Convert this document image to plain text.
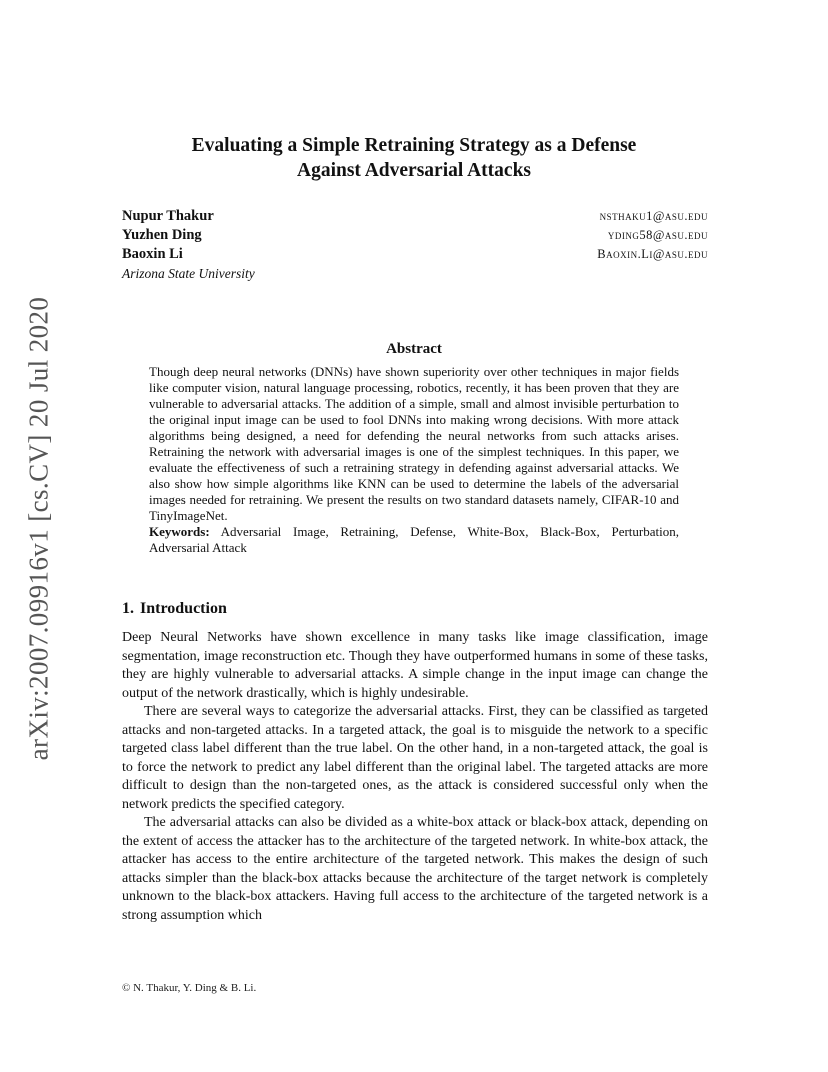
arXiv:2007.09916v1 [cs.CV] 20 Jul 2020
Evaluating a Simple Retraining Strategy as a Defense
Against Adversarial Attacks
Nupur Thakur	nsthaku1@asu.edu
Yuzhen Ding	yding58@asu.edu
Baoxin Li	Baoxin.Li@asu.edu
Arizona State University
Abstract

Though deep neural networks (DNNs) have shown superiority over other techniques in major fields like computer vision, natural language processing, robotics, recently, it has been proven that they are vulnerable to adversarial attacks. The addition of a simple, small and almost invisible perturbation to the original input image can be used to fool DNNs into making wrong decisions. With more attack algorithms being designed, a need for defending the neural networks from such attacks arises. Retraining the network with adversarial images is one of the simplest techniques. In this paper, we evaluate the effectiveness of such a retraining strategy in defending against adversarial attacks. We also show how simple algorithms like KNN can be used to determine the labels of the adversarial images needed for retraining. We present the results on two standard datasets namely, CIFAR-10 and TinyImageNet.

Keywords: Adversarial Image, Retraining, Defense, White-Box, Black-Box, Perturbation, Adversarial Attack

1. Introduction

Deep Neural Networks have shown excellence in many tasks like image classification, image segmentation, image reconstruction etc. Though they have outperformed humans in some of these tasks, they are highly vulnerable to adversarial attacks. A simple change in the input image can change the output of the network drastically, which is highly undesirable.

There are several ways to categorize the adversarial attacks. First, they can be classified as targeted attacks and non-targeted attacks. In a targeted attack, the goal is to misguide the network to a specific targeted class label different than the true label. On the other hand, in a non-targeted attack, the goal is to force the network to predict any label different than the original label. The targeted attacks are more difficult to design than the non-targeted ones, as the attack is considered successful only when the network predicts the specified category.

The adversarial attacks can also be divided as a white-box attack or black-box attack, depending on the extent of access the attacker has to the architecture of the targeted network. In white-box attack, the attacker has access to the entire architecture of the targeted network. This makes the design of such attacks simpler than the black-box attacks because the architecture of the target network is completely unknown to the black-box attackers. Having full access to the architecture of the targeted network is a strong assumption which

© N. Thakur, Y. Ding & B. Li.
